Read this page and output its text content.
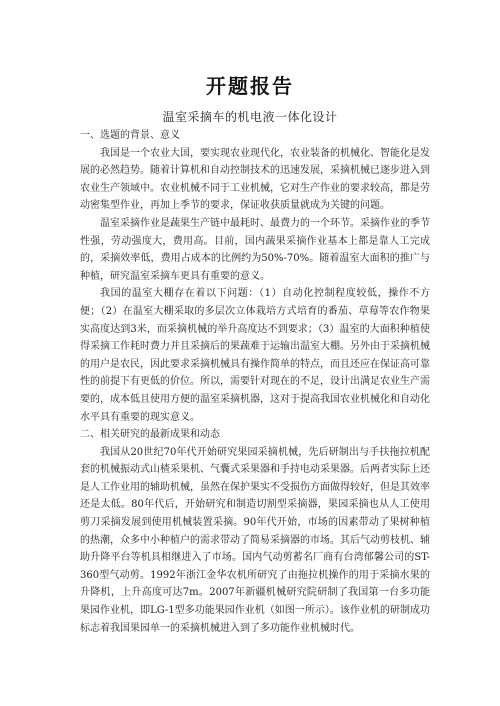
开题报告
温室采摘车的机电液一体化设计

一、选题的背景、意义

我国是一个农业大国，要实现农业现代化，农业装备的机械化、智能化是发展的必然趋势。随着计算机和自动控制技术的迅速发展，采摘机械已逐步进入到农业生产领域中。农业机械不同于工业机械，它对生产作业的要求较高，都是劳动密集型作业，再加上季节的要求，保证收获质量就成为关键的问题。

温室采摘作业是蔬果生产链中最耗时、最费力的一个环节。采摘作业的季节性强，劳动强度大，费用高。目前，国内蔬果采摘作业基本上都是靠人工完成的，采摘效率低，费用占成本的比例约为50%-70%。随着温室大面积的推广与种植，研究温室采摘车更具有重要的意义。

我国的温室大棚存在着以下问题：（1）自动化控制程度较低，操作不方便；（2）在温室大棚采取的多层次立体栽培方式培育的番茄、草莓等农作物果实高度达到3米，而采摘机械的举升高度达不到要求；（3）温室的大面积种植使得采摘工作耗时费力并且采摘后的果蔬难于运输出温室大棚。另外由于采摘机械的用户是农民，因此要求采摘机械具有操作简单的特点，而且还应在保证高可靠性的前提下有更低的价位。所以，需要针对现在的不足，设计出满足农业生产需要的，成本低且使用方便的温室采摘机器，这对于提高我国农业机械化和自动化水平具有重要的现实意义。

二、相关研究的最新成果和动态

我国从20世纪70年代开始研究果园采摘机械，先后研制出与手扶拖拉机配套的机械振动式山楂采果机、气囊式采果器和手持电动采果器。后两者实际上还是人工作业用的辅助机械，虽然在保护果实不受损伤方面做得较好，但是其效率还是太低。80年代后，开始研究和制造切割型采摘器，果园采摘也从人工使用剪刀采摘发展到使用机械装置采摘。90年代开始，市场的因素带动了果树种植的热潮，众多中小种植户的需求带动了简易采摘器的市场。其后气动剪枝机、辅助升降平台等机具相继进入了市场。国内气动剪蓄名厂商有台湾郁馨公司的ST-360型气动剪。1992年浙江金华农机所研究了由拖拉机操作的用于采摘水果的升降机，上升高度可达7m。2007年新疆机械研究院研制了我国第一台多功能果园作业机，即LG-1型多功能果园作业机（如图一所示）。该作业机的研制成功标志着我国果园单一的采摘机械进入到了多功能作业机械时代。
